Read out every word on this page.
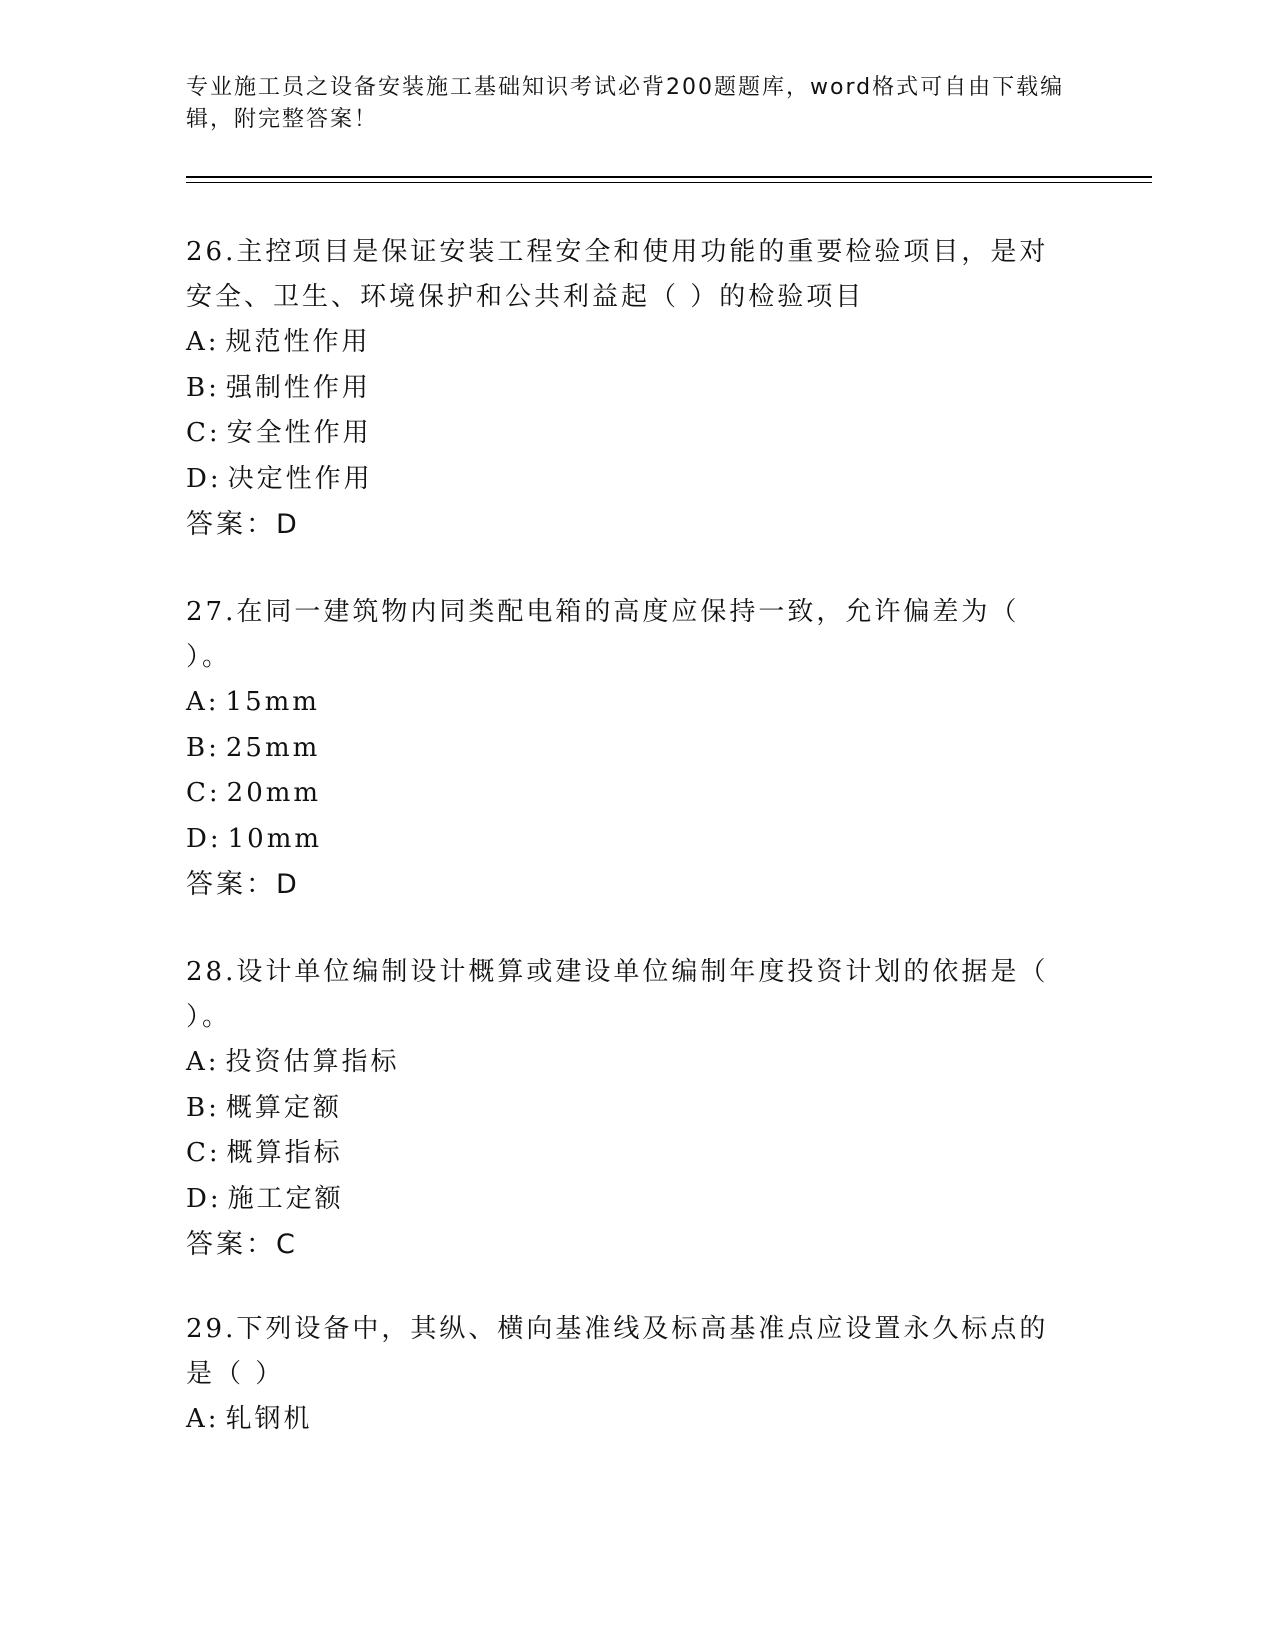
专业施工员之设备安装施工基础知识考试必背200题题库，word格式可自由下载编辑，附完整答案！

26.主控项目是保证安装工程安全和使用功能的重要检验项目，是对安全、卫生、环境保护和公共利益起（ ）的检验项目

A: 规范性作用

B: 强制性作用

C: 安全性作用

D: 决定性作用

答案：D

27.在同一建筑物内同类配电箱的高度应保持一致，允许偏差为（ ）。

A: 15mm

B: 25mm

C: 20mm

D: 10mm

答案：D

28.设计单位编制设计概算或建设单位编制年度投资计划的依据是（ ）。

A: 投资估算指标

B: 概算定额

C: 概算指标

D: 施工定额

答案：C

29.下列设备中，其纵、横向基准线及标高基准点应设置永久标点的是（ ）

A: 轧钢机
